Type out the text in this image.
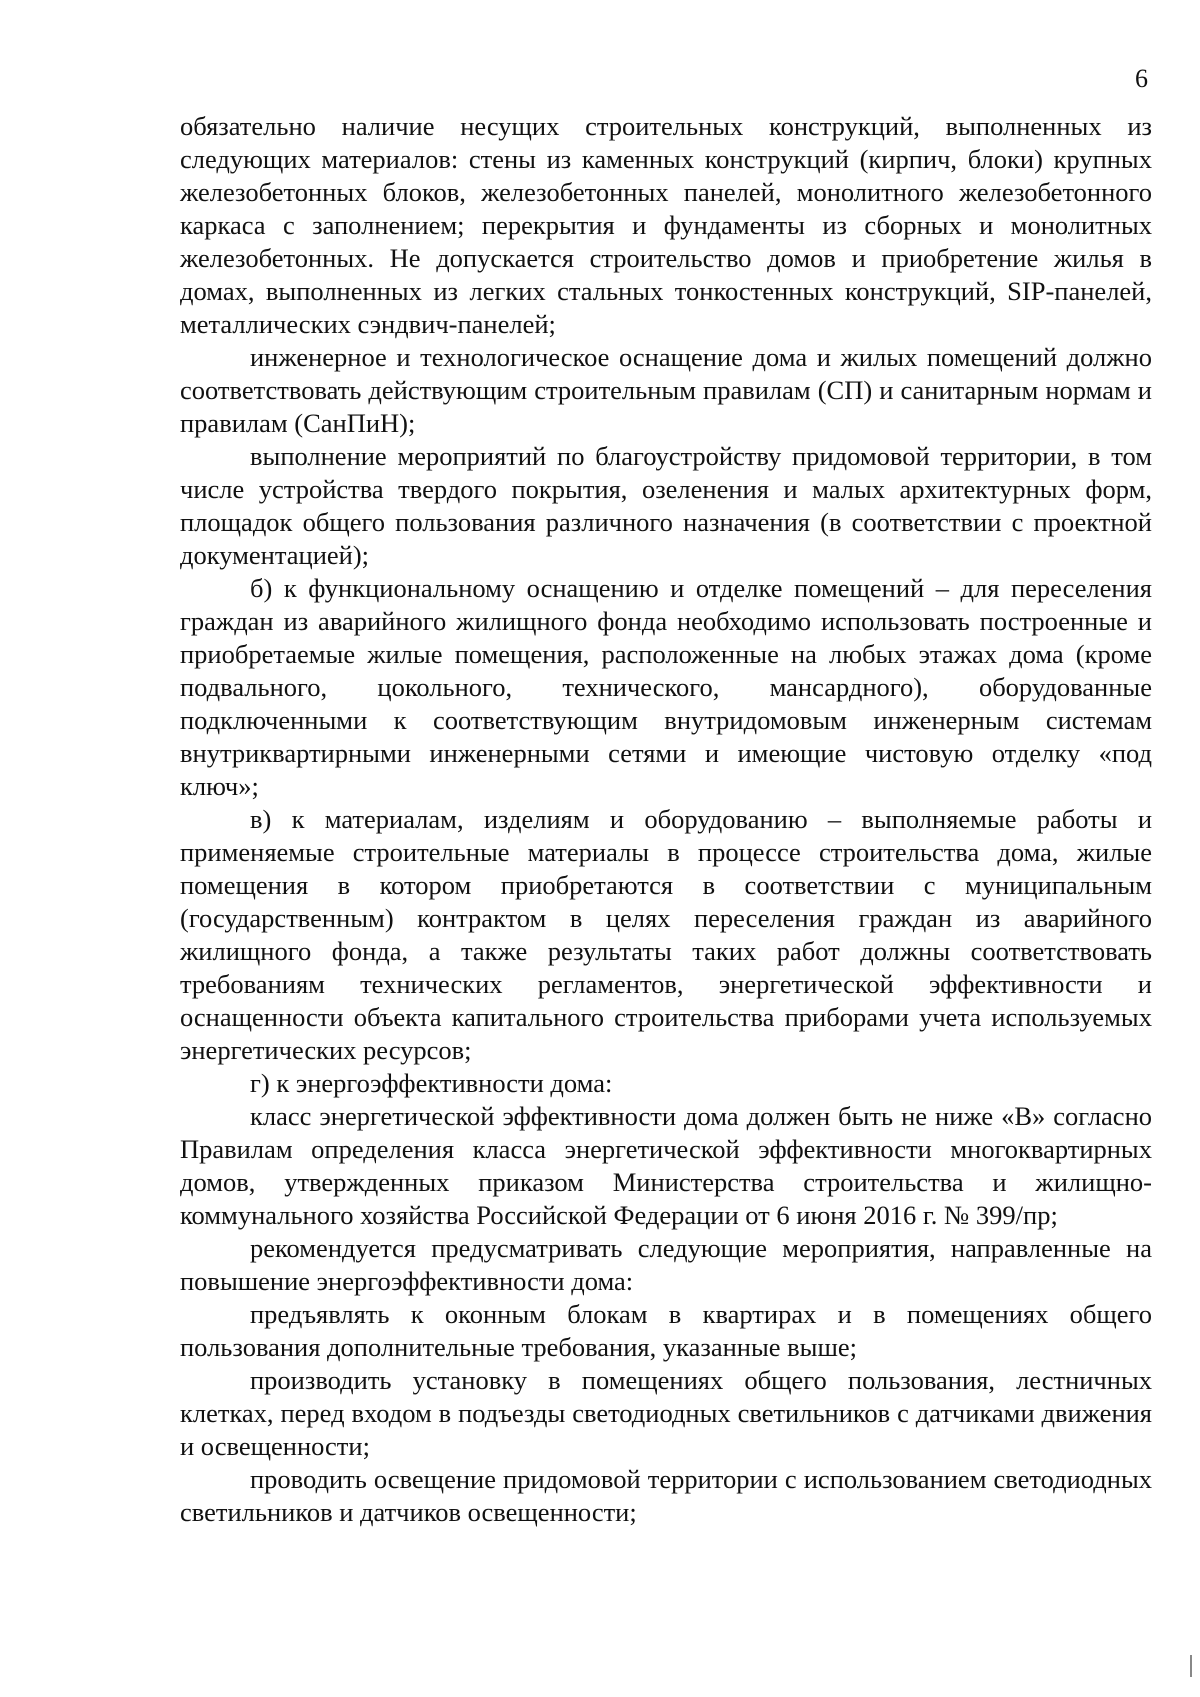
6

обязательно наличие несущих строительных конструкций, выполненных из следующих материалов: стены из каменных конструкций (кирпич, блоки) крупных железобетонных блоков, железобетонных панелей, монолитного железобетонного каркаса с заполнением; перекрытия и фундаменты из сборных и монолитных железобетонных. Не допускается строительство домов и приобретение жилья в домах, выполненных из легких стальных тонкостенных конструкций, SIP-панелей, металлических сэндвич-панелей;

инженерное и технологическое оснащение дома и жилых помещений должно соответствовать действующим строительным правилам (СП) и санитарным нормам и правилам (СанПиН);

выполнение мероприятий по благоустройству придомовой территории, в том числе устройства твердого покрытия, озеленения и малых архитектурных форм, площадок общего пользования различного назначения (в соответствии с проектной документацией);

б) к функциональному оснащению и отделке помещений – для переселения граждан из аварийного жилищного фонда необходимо использовать построенные и приобретаемые жилые помещения, расположенные на любых этажах дома (кроме подвального, цокольного, технического, мансардного), оборудованные подключенными к соответствующим внутридомовым инженерным системам внутриквартирными инженерными сетями и имеющие чистовую отделку «под ключ»;

в) к материалам, изделиям и оборудованию – выполняемые работы и применяемые строительные материалы в процессе строительства дома, жилые помещения в котором приобретаются в соответствии с муниципальным (государственным) контрактом в целях переселения граждан из аварийного жилищного фонда, а также результаты таких работ должны соответствовать требованиям технических регламентов, энергетической эффективности и оснащенности объекта капитального строительства приборами учета используемых энергетических ресурсов;

г) к энергоэффективности дома:

класс энергетической эффективности дома должен быть не ниже «В» согласно Правилам определения класса энергетической эффективности многоквартирных домов, утвержденных приказом Министерства строительства и жилищно-коммунального хозяйства Российской Федерации от 6 июня 2016 г. № 399/пр;

рекомендуется предусматривать следующие мероприятия, направленные на повышение энергоэффективности дома:

предъявлять к оконным блокам в квартирах и в помещениях общего пользования дополнительные требования, указанные выше;

производить установку в помещениях общего пользования, лестничных клетках, перед входом в подъезды светодиодных светильников с датчиками движения и освещенности;

проводить освещение придомовой территории с использованием светодиодных светильников и датчиков освещенности;
